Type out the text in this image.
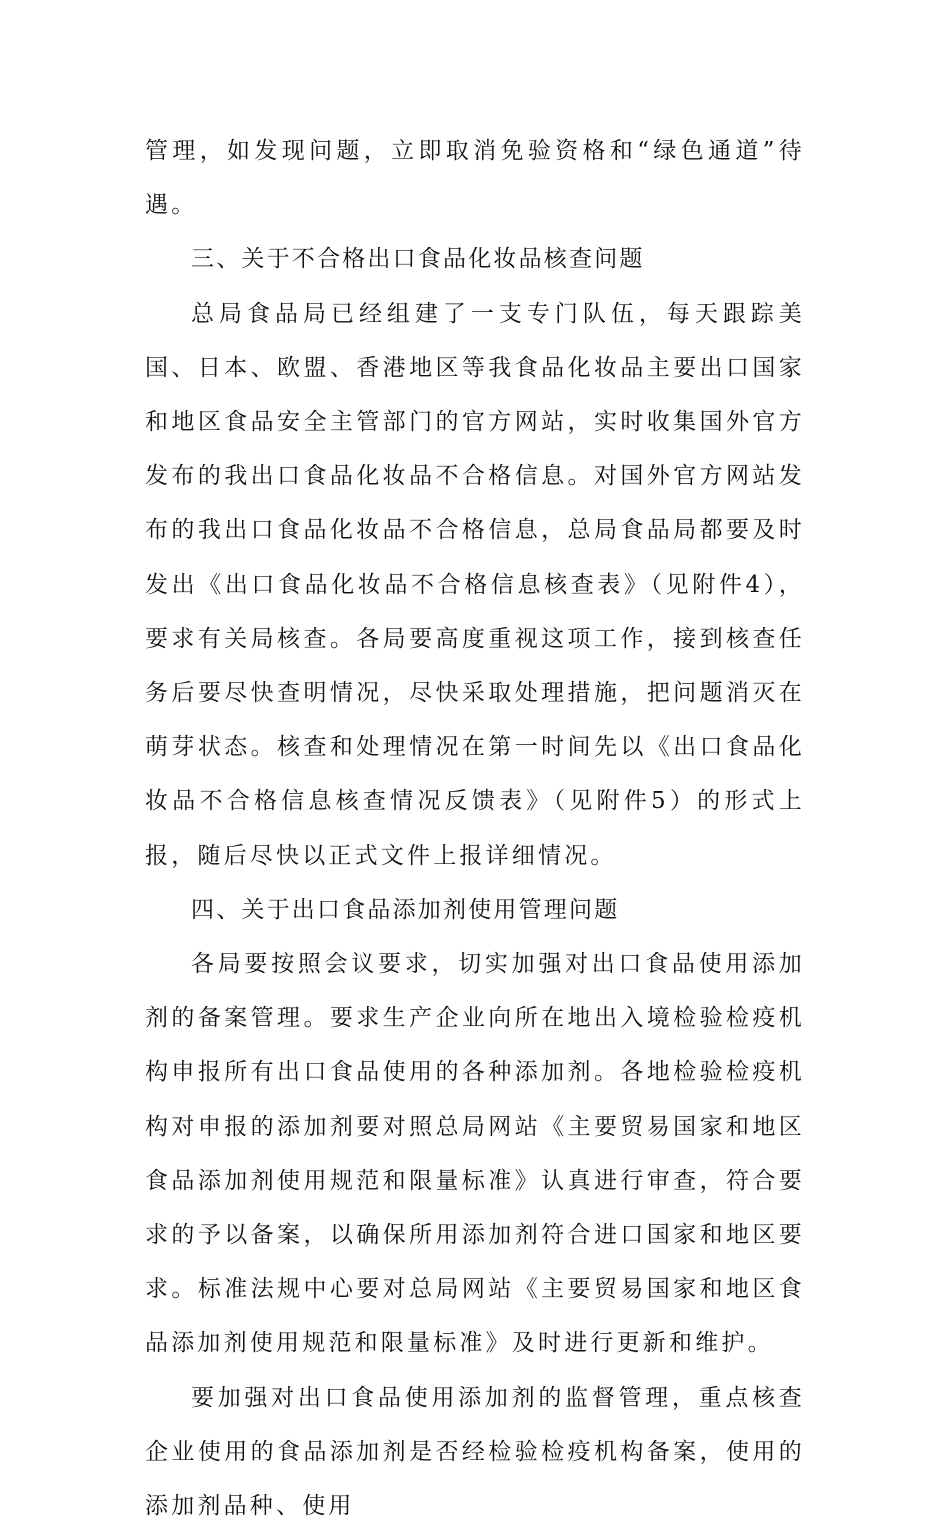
管理，如发现问题，立即取消免验资格和“绿色通道”待遇。

三、关于不合格出口食品化妆品核查问题

总局食品局已经组建了一支专门队伍，每天跟踪美国、日本、欧盟、香港地区等我食品化妆品主要出口国家和地区食品安全主管部门的官方网站，实时收集国外官方发布的我出口食品化妆品不合格信息。对国外官方网站发布的我出口食品化妆品不合格信息，总局食品局都要及时发出《出口食品化妆品不合格信息核查表》（见附件4），要求有关局核查。各局要高度重视这项工作，接到核查任务后要尽快查明情况，尽快采取处理措施，把问题消灭在萌芽状态。核查和处理情况在第一时间先以《出口食品化妆品不合格信息核查情况反馈表》（见附件5）的形式上报，随后尽快以正式文件上报详细情况。

四、关于出口食品添加剂使用管理问题

各局要按照会议要求，切实加强对出口食品使用添加剂的备案管理。要求生产企业向所在地出入境检验检疫机构申报所有出口食品使用的各种添加剂。各地检验检疫机构对申报的添加剂要对照总局网站《主要贸易国家和地区食品添加剂使用规范和限量标准》认真进行审查，符合要求的予以备案，以确保所用添加剂符合进口国家和地区要求。标准法规中心要对总局网站《主要贸易国家和地区食品添加剂使用规范和限量标准》及时进行更新和维护。

要加强对出口食品使用添加剂的监督管理，重点核查企业使用的食品添加剂是否经检验检疫机构备案，使用的添加剂品种、使用
